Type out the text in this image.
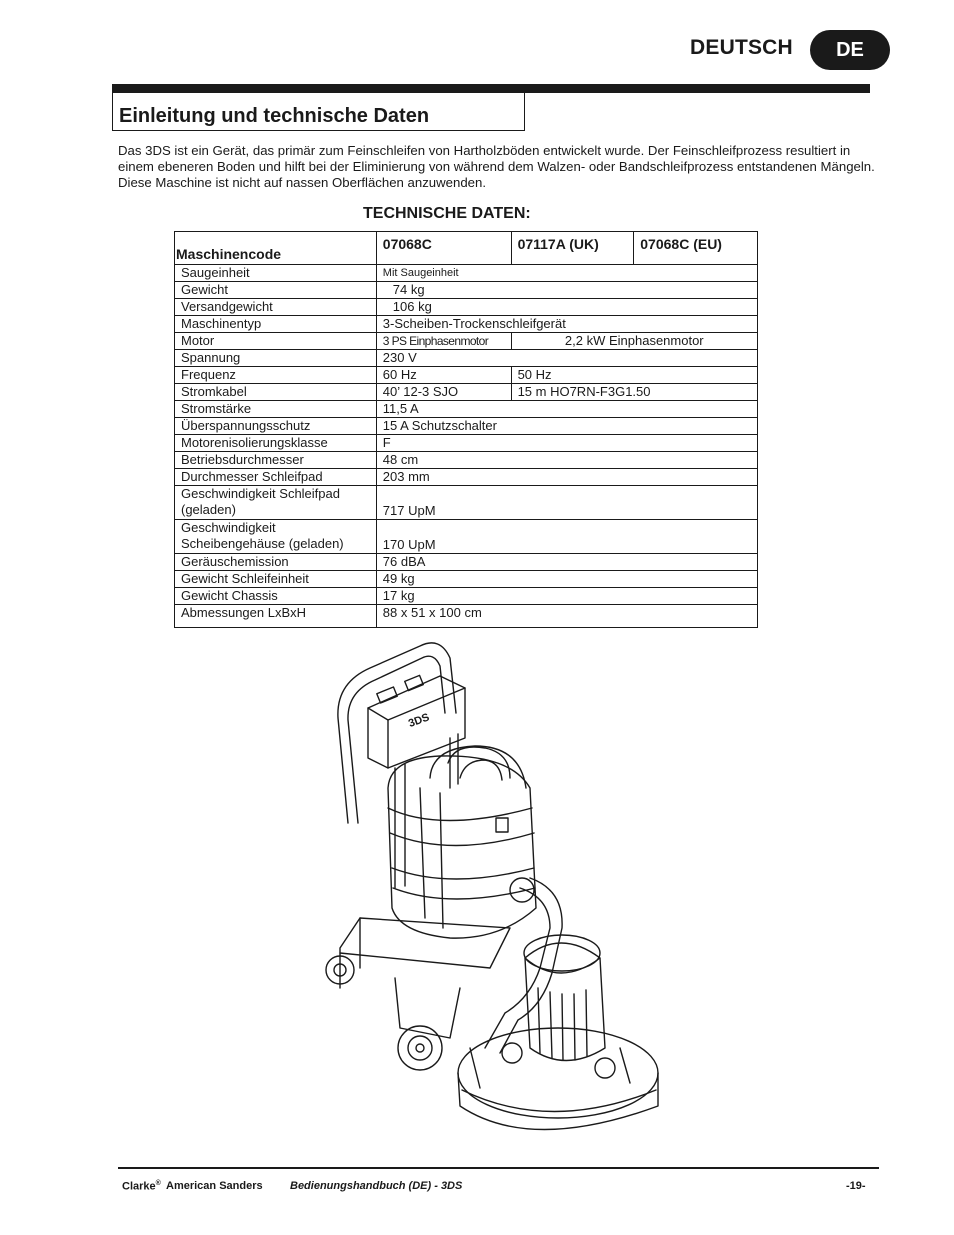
DEUTSCH	DE
Einleitung und technische Daten
Das 3DS ist ein Gerät, das primär zum Feinschleifen von Hartholzböden entwickelt wurde. Der Feinschleifprozess resultiert in einem ebeneren Boden und hilft bei der Eliminierung von während dem Walzen- oder Bandschleifprozess entstandenen Mängeln. Diese Maschine ist nicht auf nassen Oberflächen anzuwenden.
TECHNISCHE DATEN:
Maschinencode	07068C	07117A (UK)	07068C (EU)
Saugeinheit	Mit Saugeinheit		
Gewicht	74 kg		
Versandgewicht	106 kg		
Maschinentyp	3-Scheiben-Trockenschleifgerät		
Motor	3 PS Einphasenmotor	2,2 kW Einphasenmotor	
Spannung	230 V		
Frequenz	60 Hz	50 Hz	
Stromkabel	40’ 12-3 SJO	15 m HO7RN-F3G1.50	
Stromstärke	11,5 A		
Überspannungsschutz	15 A Schutzschalter		
Motorenisolierungsklasse	F		
Betriebsdurchmesser	48 cm		
Durchmesser Schleifpad	203 mm		
Geschwindigkeit Schleifpad (geladen)	717 UpM		
Geschwindigkeit Scheibengehäuse (geladen)	170 UpM		
Geräuschemission	76 dBA		
Gewicht Schleifeinheit	49 kg		
Gewicht Chassis	17 kg		
Abmessungen LxBxH	88 x 51 x 100 cm		
3DS
Clarke® American Sanders Bedienungshandbuch (DE) - 3DS	-19-
